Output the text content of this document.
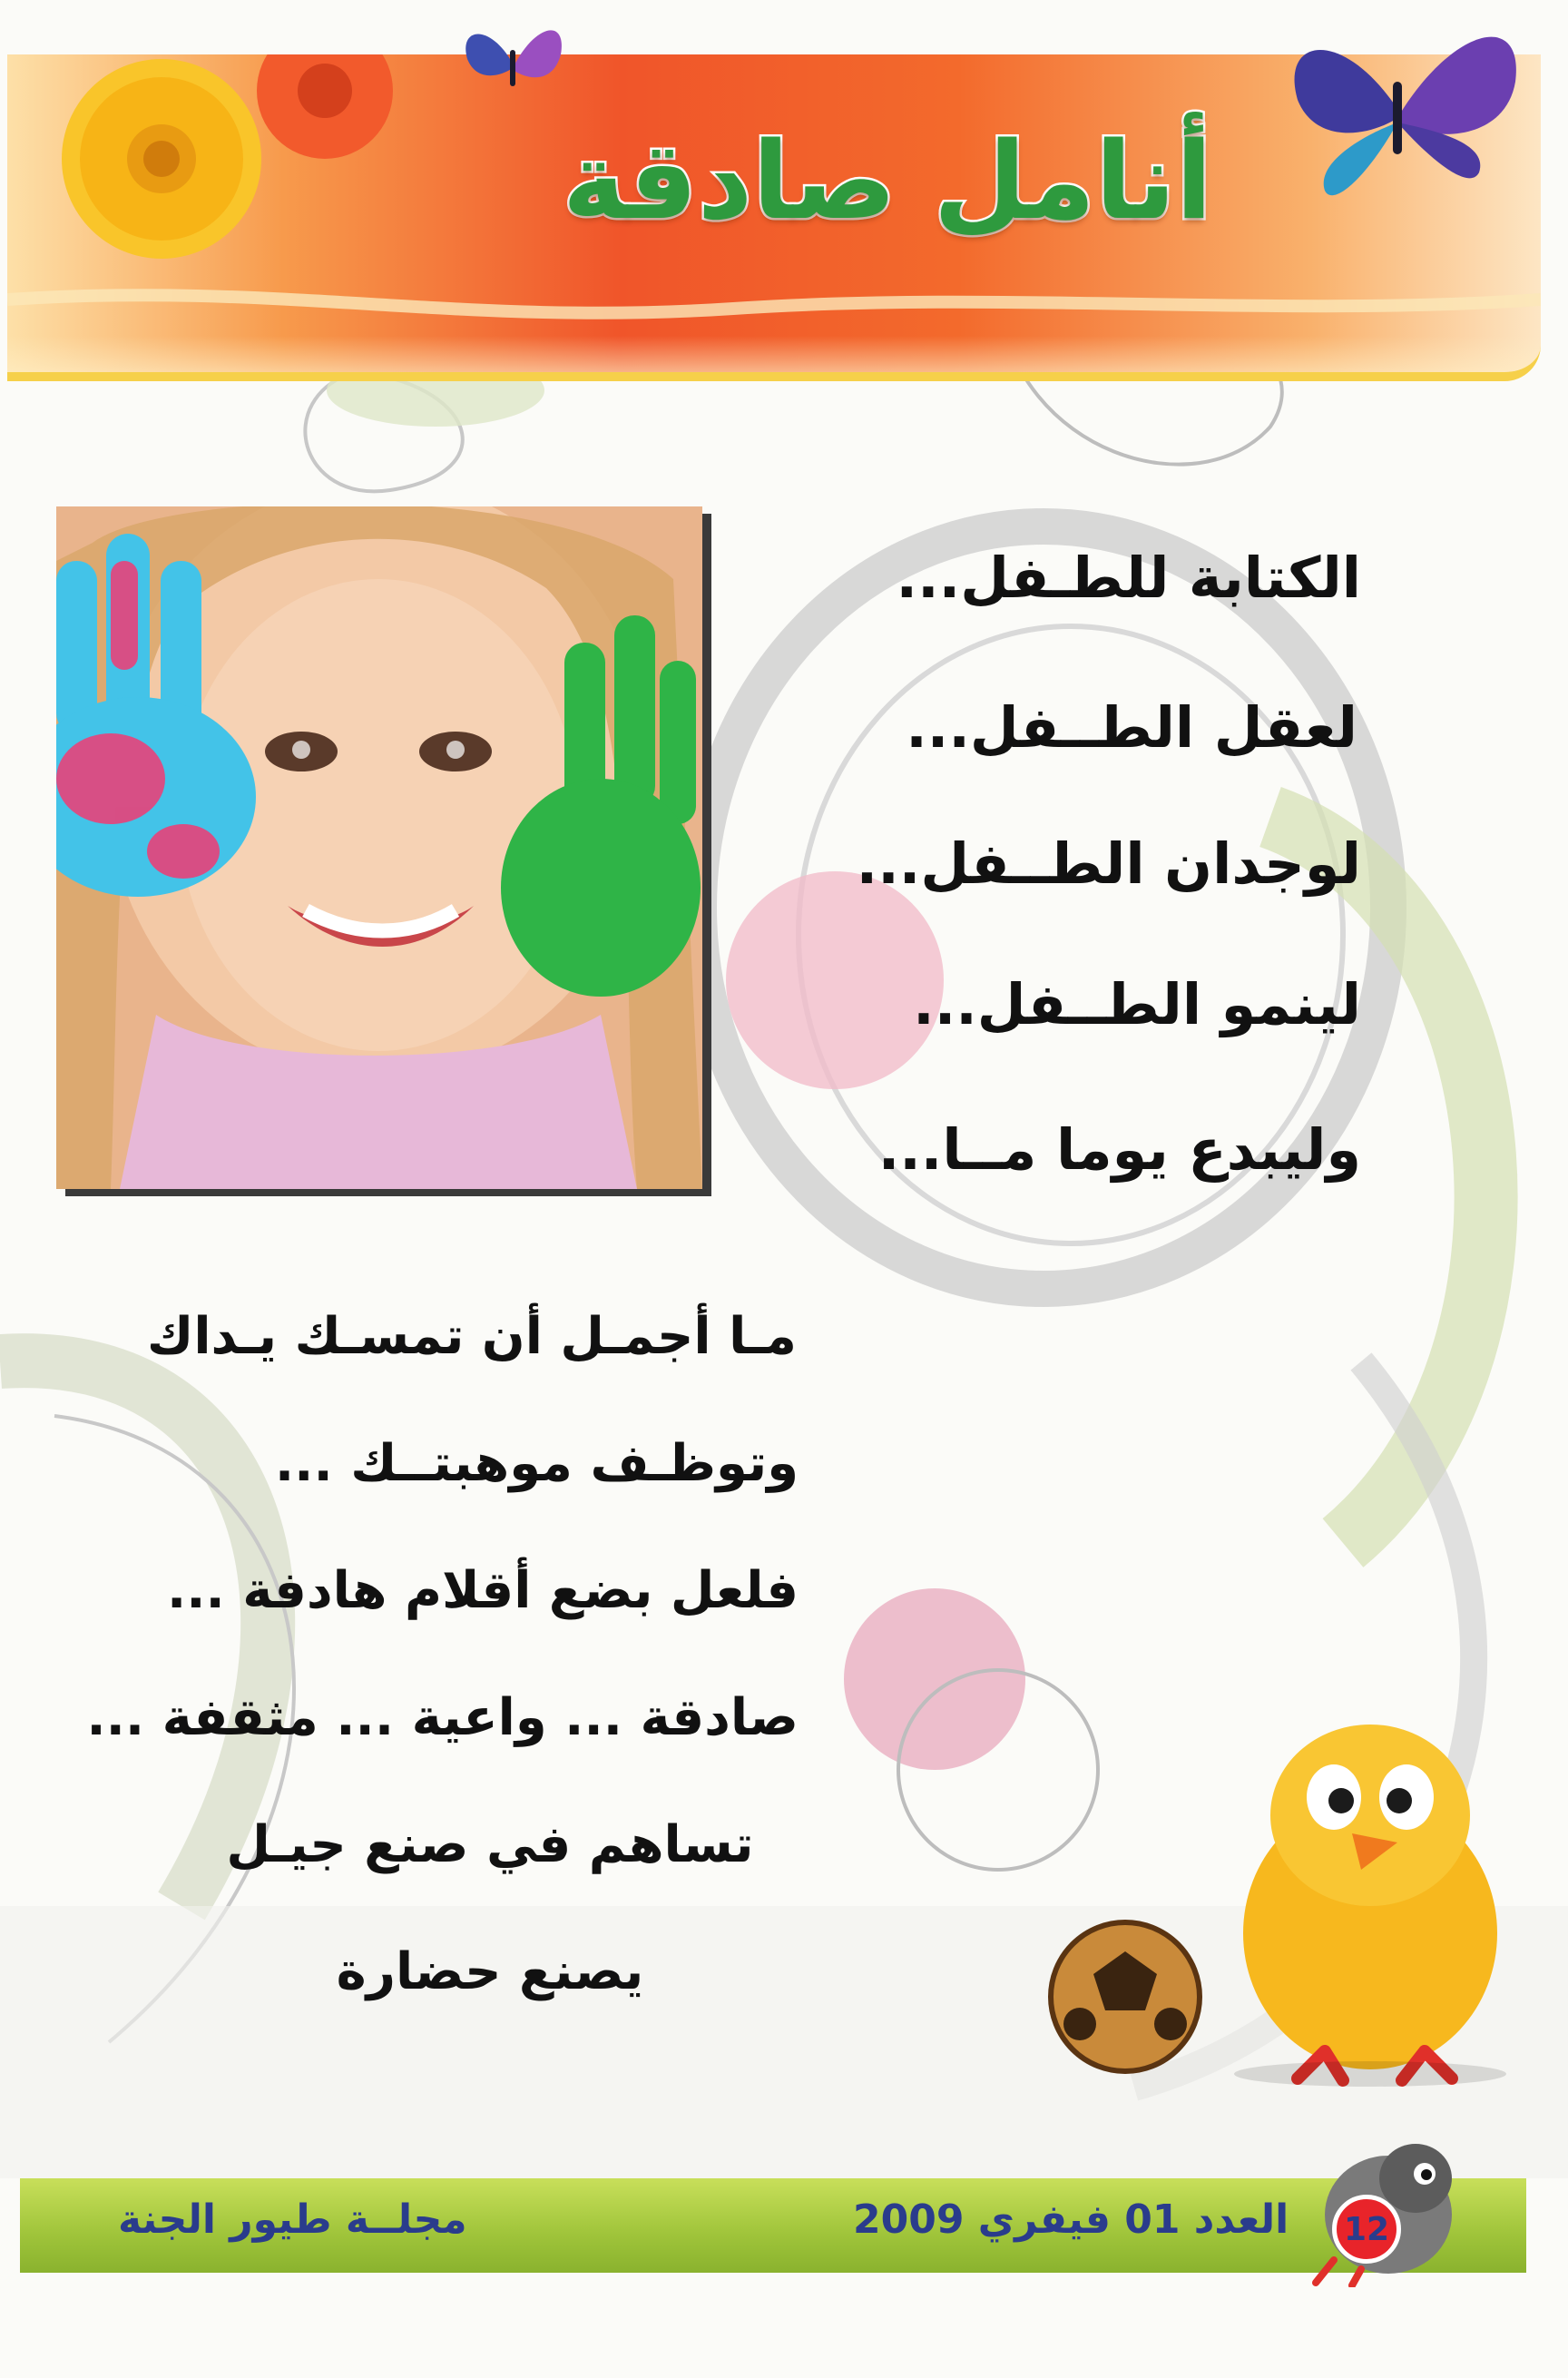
أنامل صادقة

الكتابة للطـفل...

لعقل الطــفل...

لوجدان الطــفل...

لينمو الطــفل...

وليبدع يوما مــا...

مـا أجمـل أن تمسـك يـداك

وتوظـف موهبتــك ...

فلعل بضع أقلام هادفة ...

صادقة ... واعية ... مثقفة ...

تساهم في صنع جيـل

يصنع حضارة

مجلــة طيور الجنة	العدد 01 فيفري 2009	12
